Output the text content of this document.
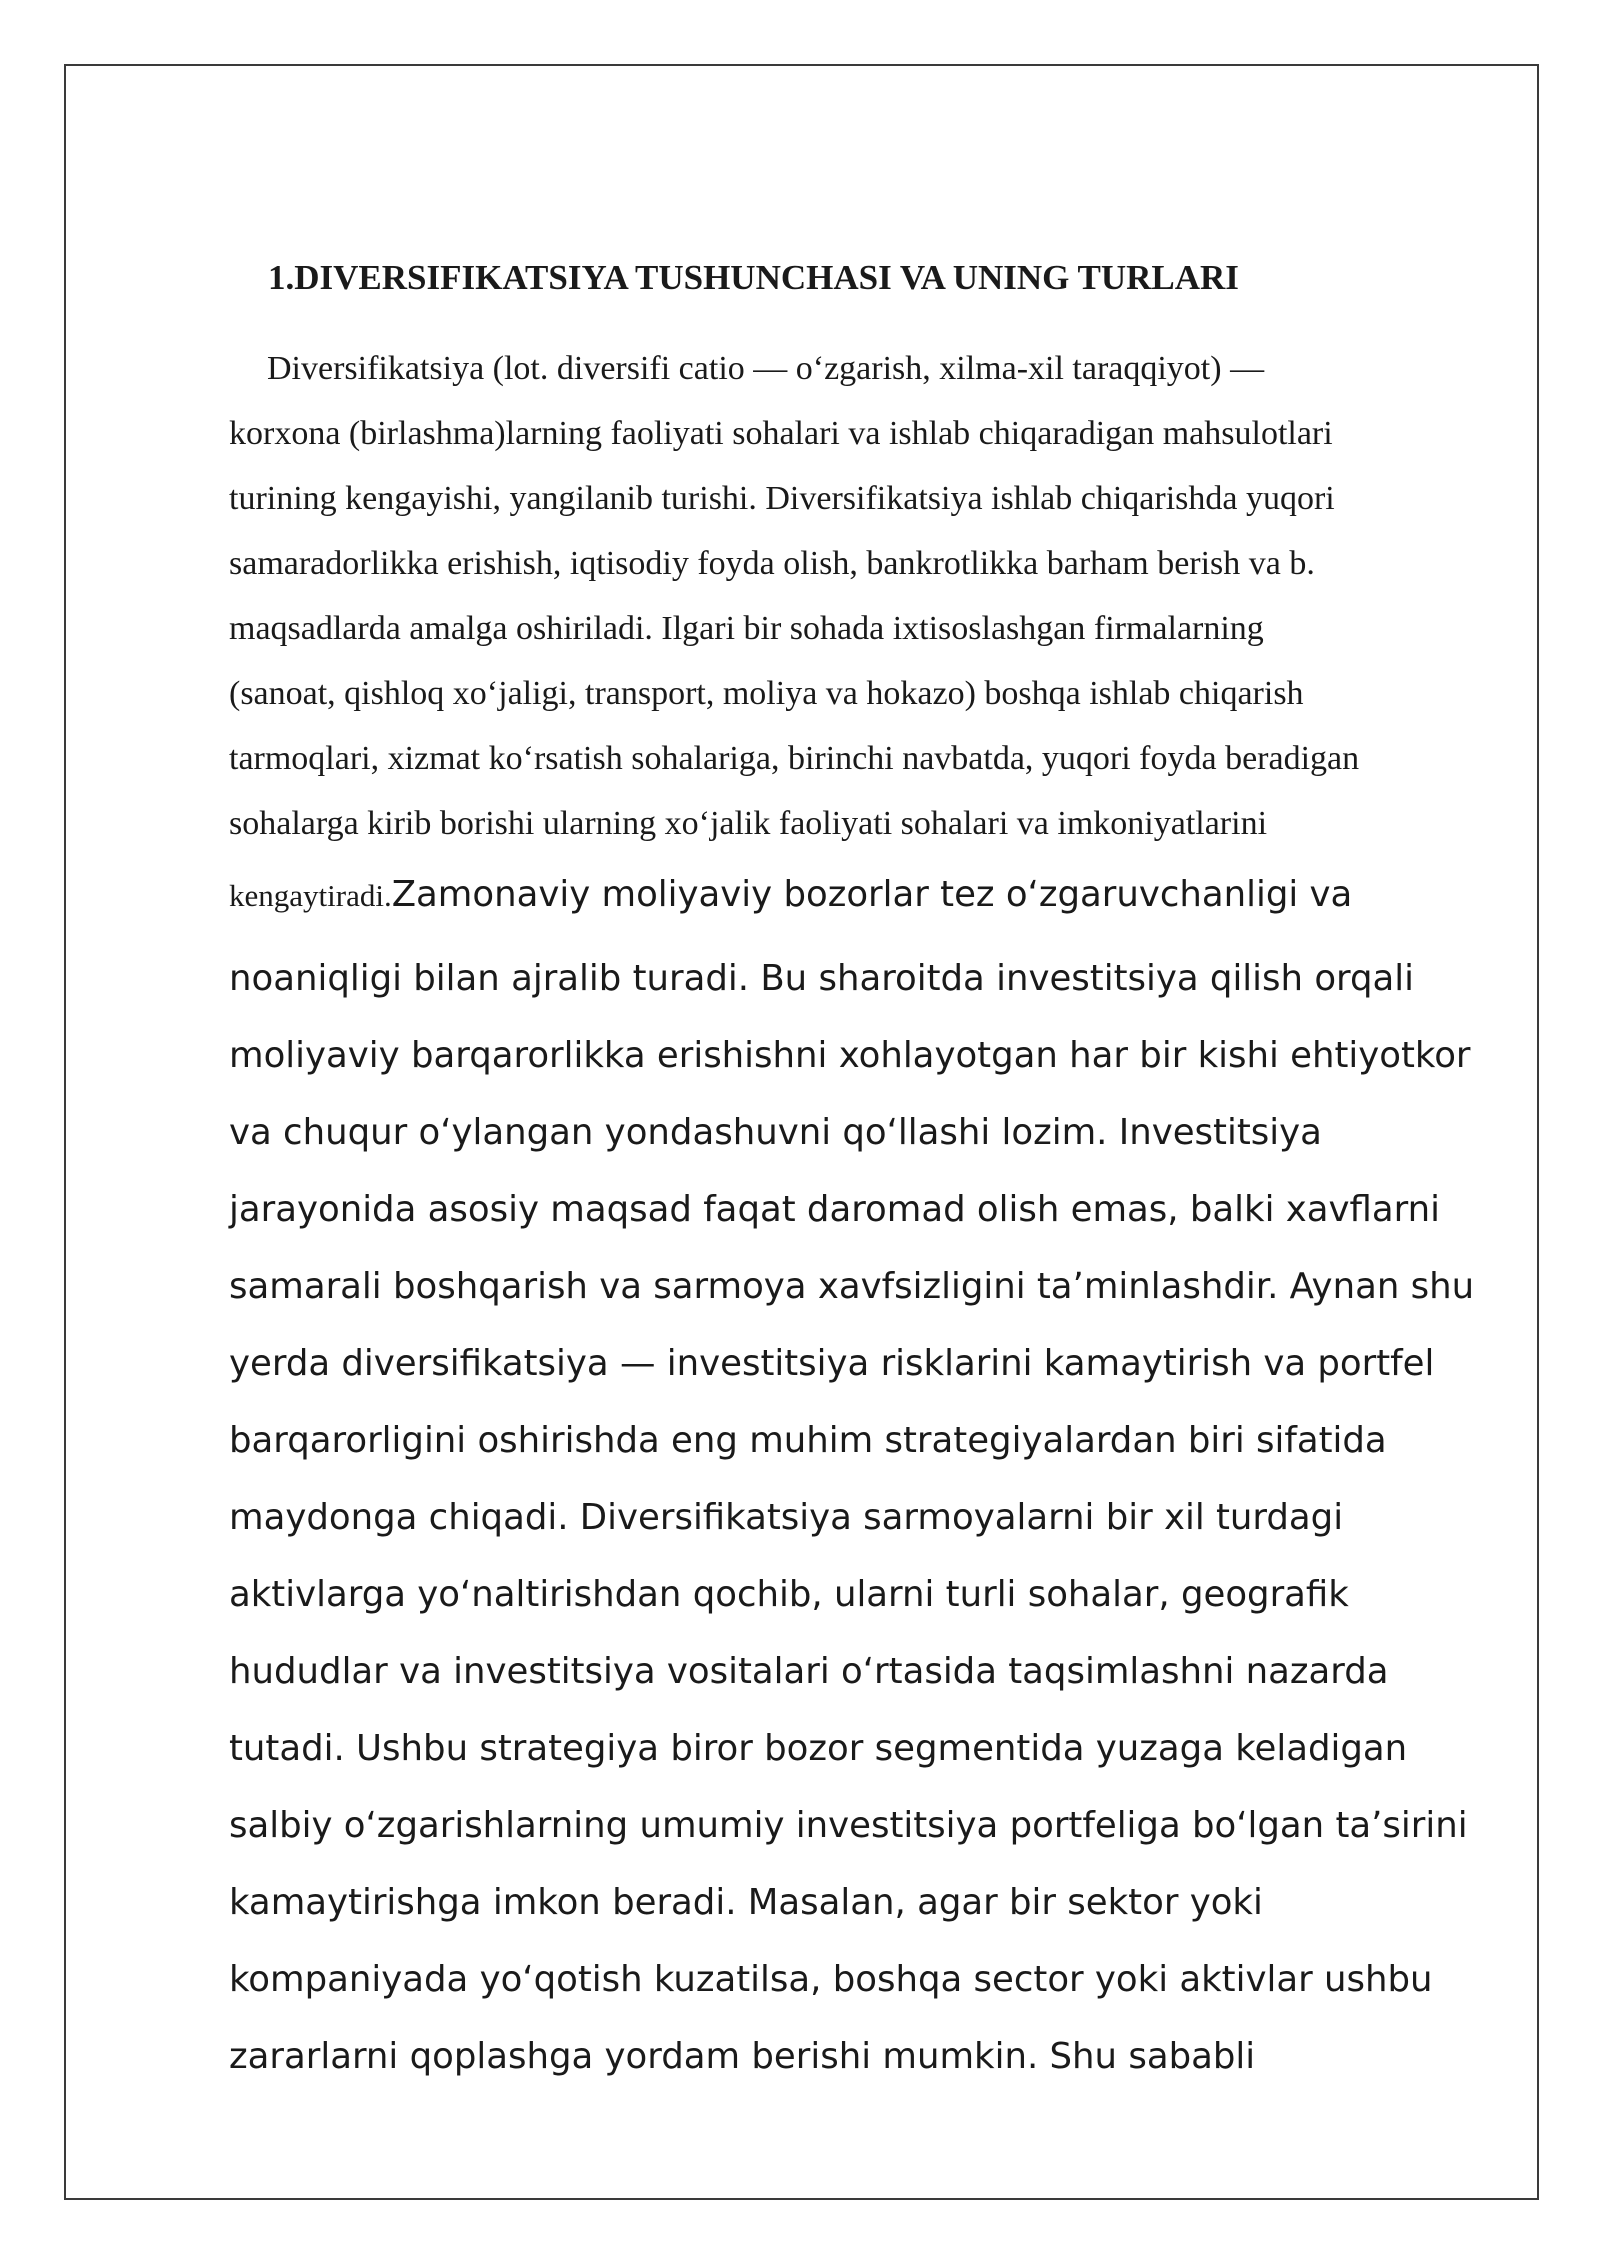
1.DIVERSIFIKATSIYA TUSHUNCHASI VA UNING TURLARI
Diversifikatsiya (lot. diversifi catio — o‘zgarish, xilma-xil taraqqiyot) —
korxona (birlashma)larning faoliyati sohalari va ishlab chiqaradigan mahsulotlari
turining kengayishi, yangilanib turishi. Diversifikatsiya ishlab chiqarishda yuqori
samaradorlikka erishish, iqtisodiy foyda olish, bankrotlikka barham berish va b.
maqsadlarda amalga oshiriladi. Ilgari bir sohada ixtisoslashgan firmalarning
(sanoat, qishloq xo‘jaligi, transport, moliya va hokazo) boshqa ishlab chiqarish
tarmoqlari, xizmat ko‘rsatish sohalariga, birinchi navbatda, yuqori foyda beradigan
sohalarga kirib borishi ularning xo‘jalik faoliyati sohalari va imkoniyatlarini
kengaytiradi.Zamonaviy moliyaviy bozorlar tez o‘zgaruvchanligi va
noaniqligi bilan ajralib turadi. Bu sharoitda investitsiya qilish orqali
moliyaviy barqarorlikka erishishni xohlayotgan har bir kishi ehtiyotkor
va chuqur o‘ylangan yondashuvni qo‘llashi lozim. Investitsiya
jarayonida asosiy maqsad faqat daromad olish emas, balki xavflarni
samarali boshqarish va sarmoya xavfsizligini ta’minlashdir. Aynan shu
yerda diversifikatsiya — investitsiya risklarini kamaytirish va portfel
barqarorligini oshirishda eng muhim strategiyalardan biri sifatida
maydonga chiqadi. Diversifikatsiya sarmoyalarni bir xil turdagi
aktivlarga yo‘naltirishdan qochib, ularni turli sohalar, geografik
hududlar va investitsiya vositalari o‘rtasida taqsimlashni nazarda
tutadi. Ushbu strategiya biror bozor segmentida yuzaga keladigan
salbiy o‘zgarishlarning umumiy investitsiya portfeliga bo‘lgan ta’sirini
kamaytirishga imkon beradi. Masalan, agar bir sektor yoki
kompaniyada yo‘qotish kuzatilsa, boshqa sector yoki aktivlar ushbu
zararlarni qoplashga yordam berishi mumkin. Shu sababli
